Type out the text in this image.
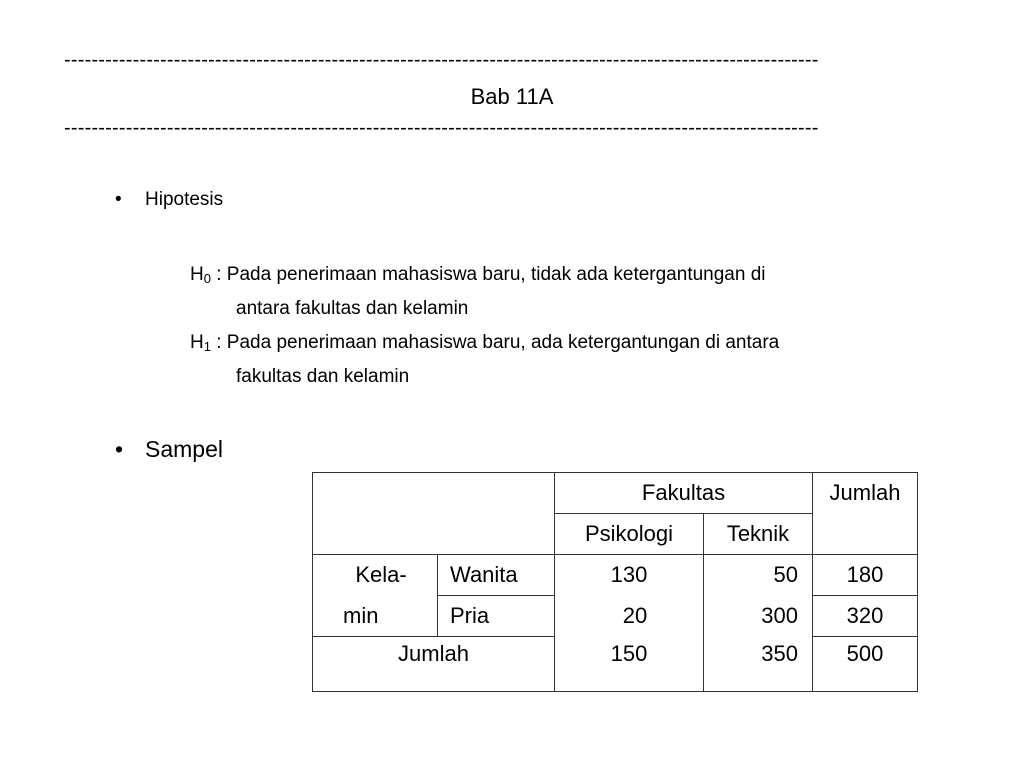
--------------------------------------------------------------------------------------------------------------
Bab 11A
--------------------------------------------------------------------------------------------------------------
•	Hipotesis
$H_0$ : Pada penerimaan mahasiswa baru, tidak ada ketergantungan di
antara fakultas dan kelamin
$H_1$ : Pada penerimaan mahasiswa baru, ada ketergantungan di antara
fakultas dan kelamin
• Sampel
		Fakultas		Jumlah
		Psikologi	Teknik	
Kela-	Wanita	130	50	180
min	Pria	20	300	320
Jumlah		150	350	500
